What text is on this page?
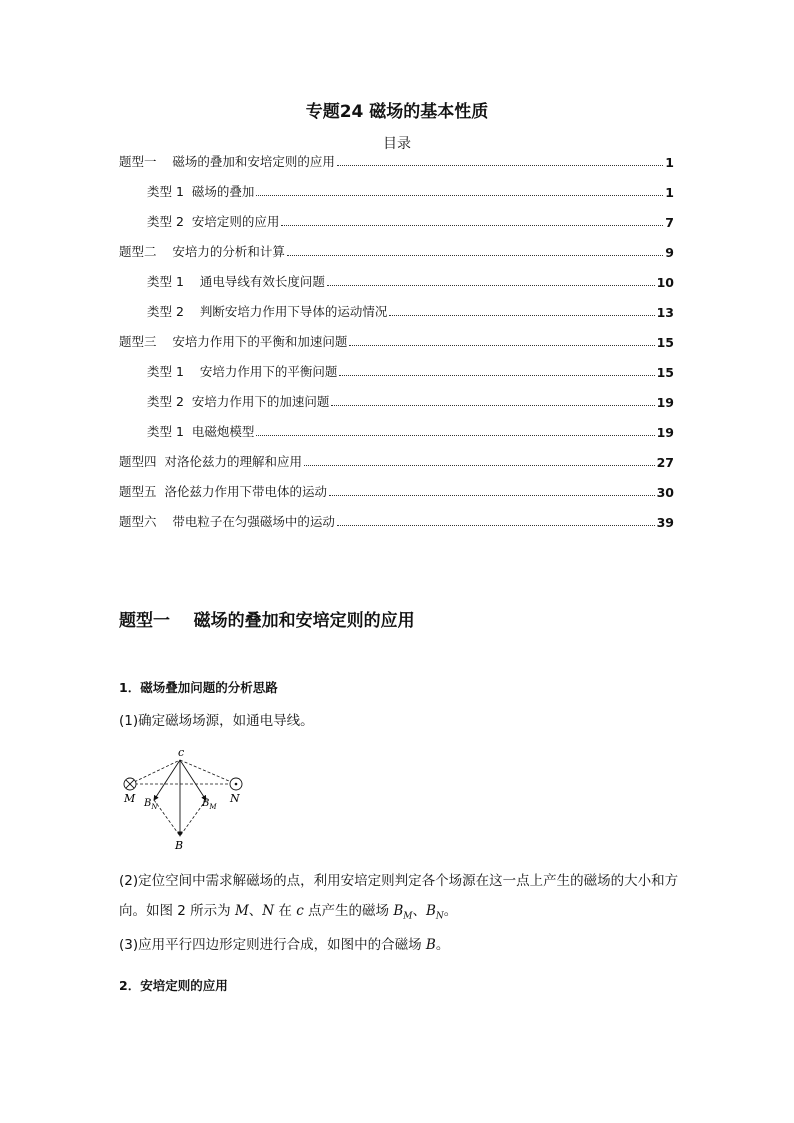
专题24 磁场的基本性质
目录
题型一    磁场的叠加和安培定则的应用	1
类型 1  磁场的叠加	1
类型 2  安培定则的应用	7
题型二    安培力的分析和计算	9
类型 1    通电导线有效长度问题	10
类型 2    判断安培力作用下导体的运动情况	13
题型三    安培力作用下的平衡和加速问题	15
类型 1    安培力作用下的平衡问题	15
类型 2  安培力作用下的加速问题	19
类型 1  电磁炮模型	19
题型四  对洛伦兹力的理解和应用	27
题型五  洛伦兹力作用下带电体的运动	30
题型六    带电粒子在匀强磁场中的运动	39
题型一    磁场的叠加和安培定则的应用
1．磁场叠加问题的分析思路
(1)确定磁场场源，如通电导线。
c
M	N
$B_N$	$B_M$
B
(2)定位空间中需求解磁场的点，利用安培定则判定各个场源在这一点上产生的磁场的大小和方向。如图 2 所示为 M、N 在 c 点产生的磁场 $B_M$、$B_N$。
(3)应用平行四边形定则进行合成，如图中的合磁场 B。
2．安培定则的应用
